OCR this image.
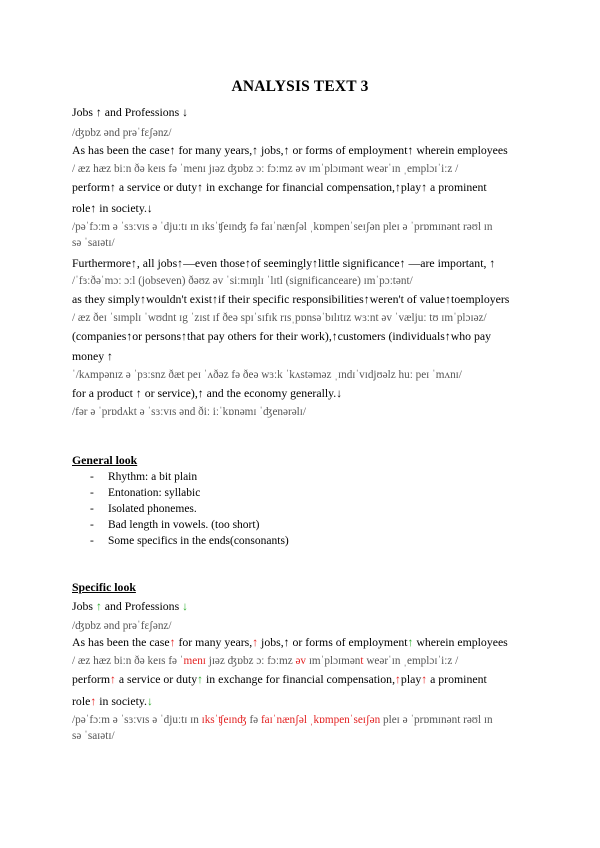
ANALYSIS TEXT 3
Jobs ↑ and Professions ↓
/ʤɒbz ənd prəˈfɛʃənz/
As has been the case↑ for many years,↑ jobs,↑ or forms of employment↑ wherein employees
/ æz hæz biːn ðə keɪs fə ˈmenɪ jɪəz ʤɒbz ɔː fɔːmz əv ɪmˈplɔɪmənt weərˈɪn ˌemplɔɪˈiːz /
perform↑ a service or duty↑ in exchange for financial compensation,↑play↑ a prominent
role↑ in society.↓
/pəˈfɔːm ə ˈsɜːvɪs ə ˈdjuːtɪ ɪn ɪksˈʧeɪnʤ fə faɪˈnænʃəl ˌkɒmpenˈseɪʃən pleɪ ə ˈprɒmɪnənt rəʊl ɪn
sə ˈsaɪətɪ/
Furthermore↑, all jobs↑—even those↑of seemingly↑little significance↑ —are important, ↑
/ˈfɜːðəˈmɔː ɔːl (jobseven) ðəʊz əv ˈsiːmɪŋlɪ ˈlɪtl (significanceare) ɪmˈpɔːtənt/
as they simply↑wouldn't exist↑if their specific responsibilities↑weren't of value↑toemployers
/ æz ðeɪ ˈsɪmplɪ ˈwʊdnt ɪg ˈzɪst ɪf ðeə spɪˈsɪfɪk rɪsˌpɒnsəˈbɪlɪtɪz wɜːnt əv ˈvæljuː tʊ ɪmˈplɔɪəz/
(companies↑or persons↑that pay others for their work),↑customers (individuals↑who pay
money ↑
ˈ/kʌmpənɪz ə ˈpɜːsnz ðæt peɪ ˈʌðəz fə ðeə wɜːk ˈkʌstəməz ˌɪndɪˈvɪdjʊəlz huː peɪ ˈmʌnɪ/
for a product ↑ or service),↑ and the economy generally.↓
/fər ə ˈprɒdʌkt ə ˈsɜːvɪs ənd ðiː iːˈkɒnəmɪ ˈʤenərəlɪ/
General look
- Rhythm: a bit plain
- Entonation: syllabic
- Isolated phonemes.
- Bad length in vowels. (too short)
- Some specifics in the ends(consonants)
Specific look
Jobs ↑ and Professions ↓
/ʤɒbz ənd prəˈfɛʃənz/
As has been the case↑ for many years,↑ jobs,↑ or forms of employment↑ wherein employees
/ æz hæz biːn ðə keɪs fə ˈmenɪ jɪəz ʤɒbz ɔː fɔːmz əv ɪmˈplɔɪmənt weərˈɪn ˌemplɔɪˈiːz /
perform↑ a service or duty↑ in exchange for financial compensation,↑play↑ a prominent
role↑ in society.↓
/pəˈfɔːm ə ˈsɜːvɪs ə ˈdjuːtɪ ɪn ɪksˈʧeɪnʤ fə faɪˈnænʃəl ˌkɒmpenˈseɪʃən pleɪ ə ˈprɒmɪnənt rəʊl ɪn
sə ˈsaɪətɪ/
